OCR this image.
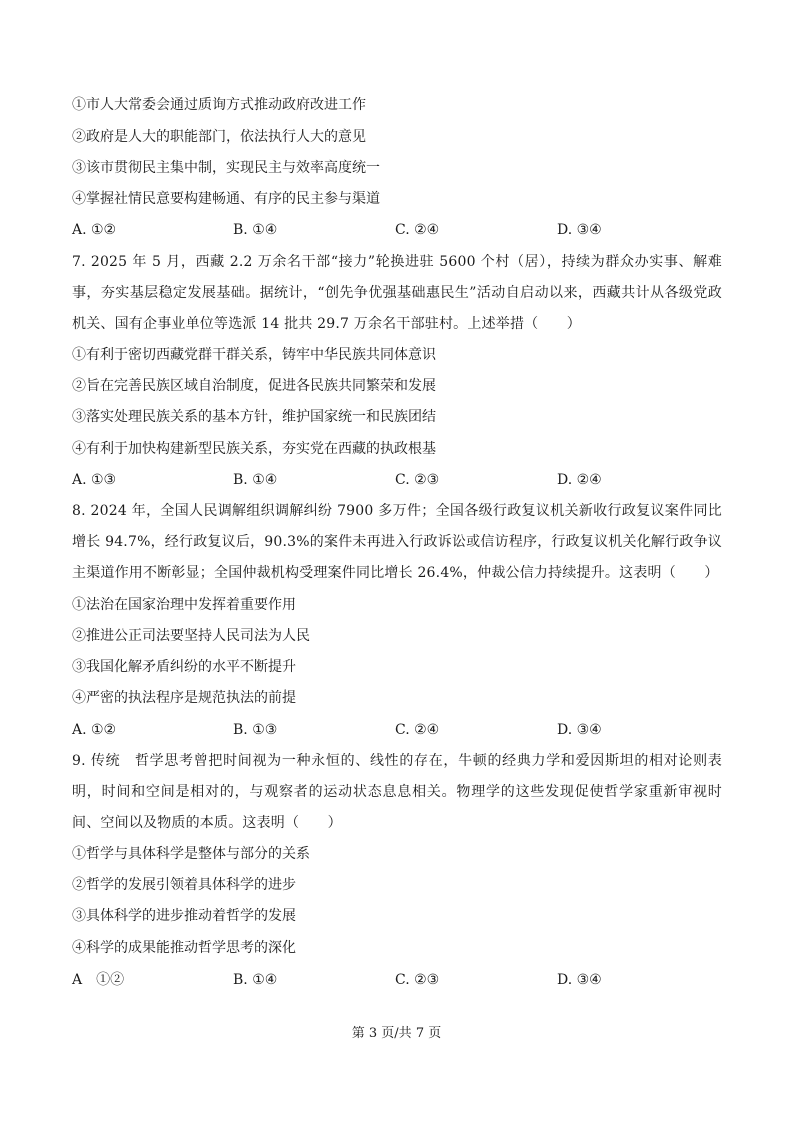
①市人大常委会通过质询方式推动政府改进工作
②政府是人大的职能部门，依法执行人大的意见
③该市贯彻民主集中制，实现民主与效率高度统一
④掌握社情民意要构建畅通、有序的民主参与渠道
A. ①②	B. ①④	C. ②④	D. ③④
7. 2025 年 5 月，西藏 2.2 万余名干部“接力”轮换进驻 5600 个村（居），持续为群众办实事、解难事，夯实基层稳定发展基础。据统计，“创先争优强基础惠民生”活动自启动以来，西藏共计从各级党政机关、国有企事业单位等选派 14 批共 29.7 万余名干部驻村。上述举措（　　）
①有利于密切西藏党群干群关系，铸牢中华民族共同体意识
②旨在完善民族区域自治制度，促进各民族共同繁荣和发展
③落实处理民族关系的基本方针，维护国家统一和民族团结
④有利于加快构建新型民族关系，夯实党在西藏的执政根基
A. ①③	B. ①④	C. ②③	D. ②④
8. 2024 年，全国人民调解组织调解纠纷 7900 多万件；全国各级行政复议机关新收行政复议案件同比增长 94.7%，经行政复议后，90.3%的案件未再进入行政诉讼或信访程序，行政复议机关化解行政争议主渠道作用不断彰显；全国仲裁机构受理案件同比增长 26.4%，仲裁公信力持续提升。这表明（　　）
①法治在国家治理中发挥着重要作用
②推进公正司法要坚持人民司法为人民
③我国化解矛盾纠纷的水平不断提升
④严密的执法程序是规范执法的前提
A. ①②	B. ①③	C. ②④	D. ③④
9. 传统　哲学思考曾把时间视为一种永恒的、线性的存在，牛顿的经典力学和爱因斯坦的相对论则表明，时间和空间是相对的，与观察者的运动状态息息相关。物理学的这些发现促使哲学家重新审视时间、空间以及物质的本质。这表明（　　）
①哲学与具体科学是整体与部分的关系
②哲学的发展引领着具体科学的进步
③具体科学的进步推动着哲学的发展
④科学的成果能推动哲学思考的深化
A　①②	B. ①④	C. ②③	D. ③④
第 3 页/共 7 页
